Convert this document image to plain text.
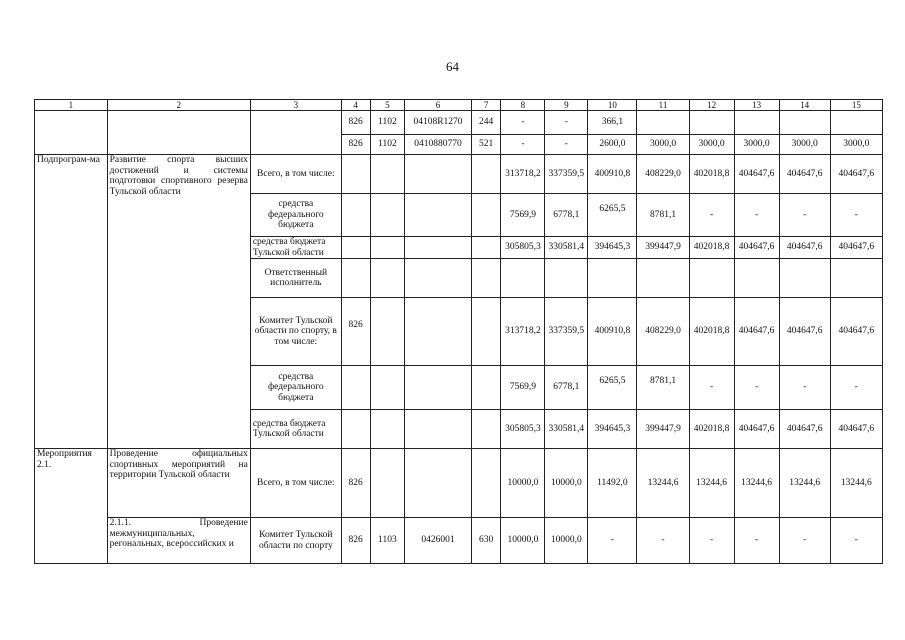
64
1	2	3	4	5	6	7	8	9	10	11	12	13	14	15
			826	1102	04108R1270	244	-	-	366,1					
			826	1102	0410880770	521	-	-	2600,0	3000,0	3000,0	3000,0	3000,0	3000,0
Подпрограм-ма	Развитие спорта высших достижений и системы подготовки спортивного резерва Тульской области	Всего, в том числе:					313718,2	337359,5	400910,8	408229,0	402018,8	404647,6	404647,6	404647,6
		средства федерального бюджета					7569,9	6778,1	6265,5	8781,1	-	-	-	-
		средства бюджета Тульской области					305805,3	330581,4	394645,3	399447,9	402018,8	404647,6	404647,6	404647,6
		Ответственный исполнитель												
		Комитет Тульской области по спорту, в том числе:	826				313718,2	337359,5	400910,8	408229,0	402018,8	404647,6	404647,6	404647,6
		средства федерального бюджета					7569,9	6778,1	6265,5	8781,1	-	-	-	-
		средства бюджета Тульской области					305805,3	330581,4	394645,3	399447,9	402018,8	404647,6	404647,6	404647,6
Мероприятия 2.1.	Проведение официальных спортивных мероприятий на территории Тульской области	Всего, в том числе:	826				10000,0	10000,0	11492,0	13244,6	13244,6	13244,6	13244,6	13244,6
	2.1.1. Проведение межмуниципальных, регональных, всероссийских и	Комитет Тульской области по спорту	826	1103	0426001	630	10000,0	10000,0	-	-	-	-	-	-
